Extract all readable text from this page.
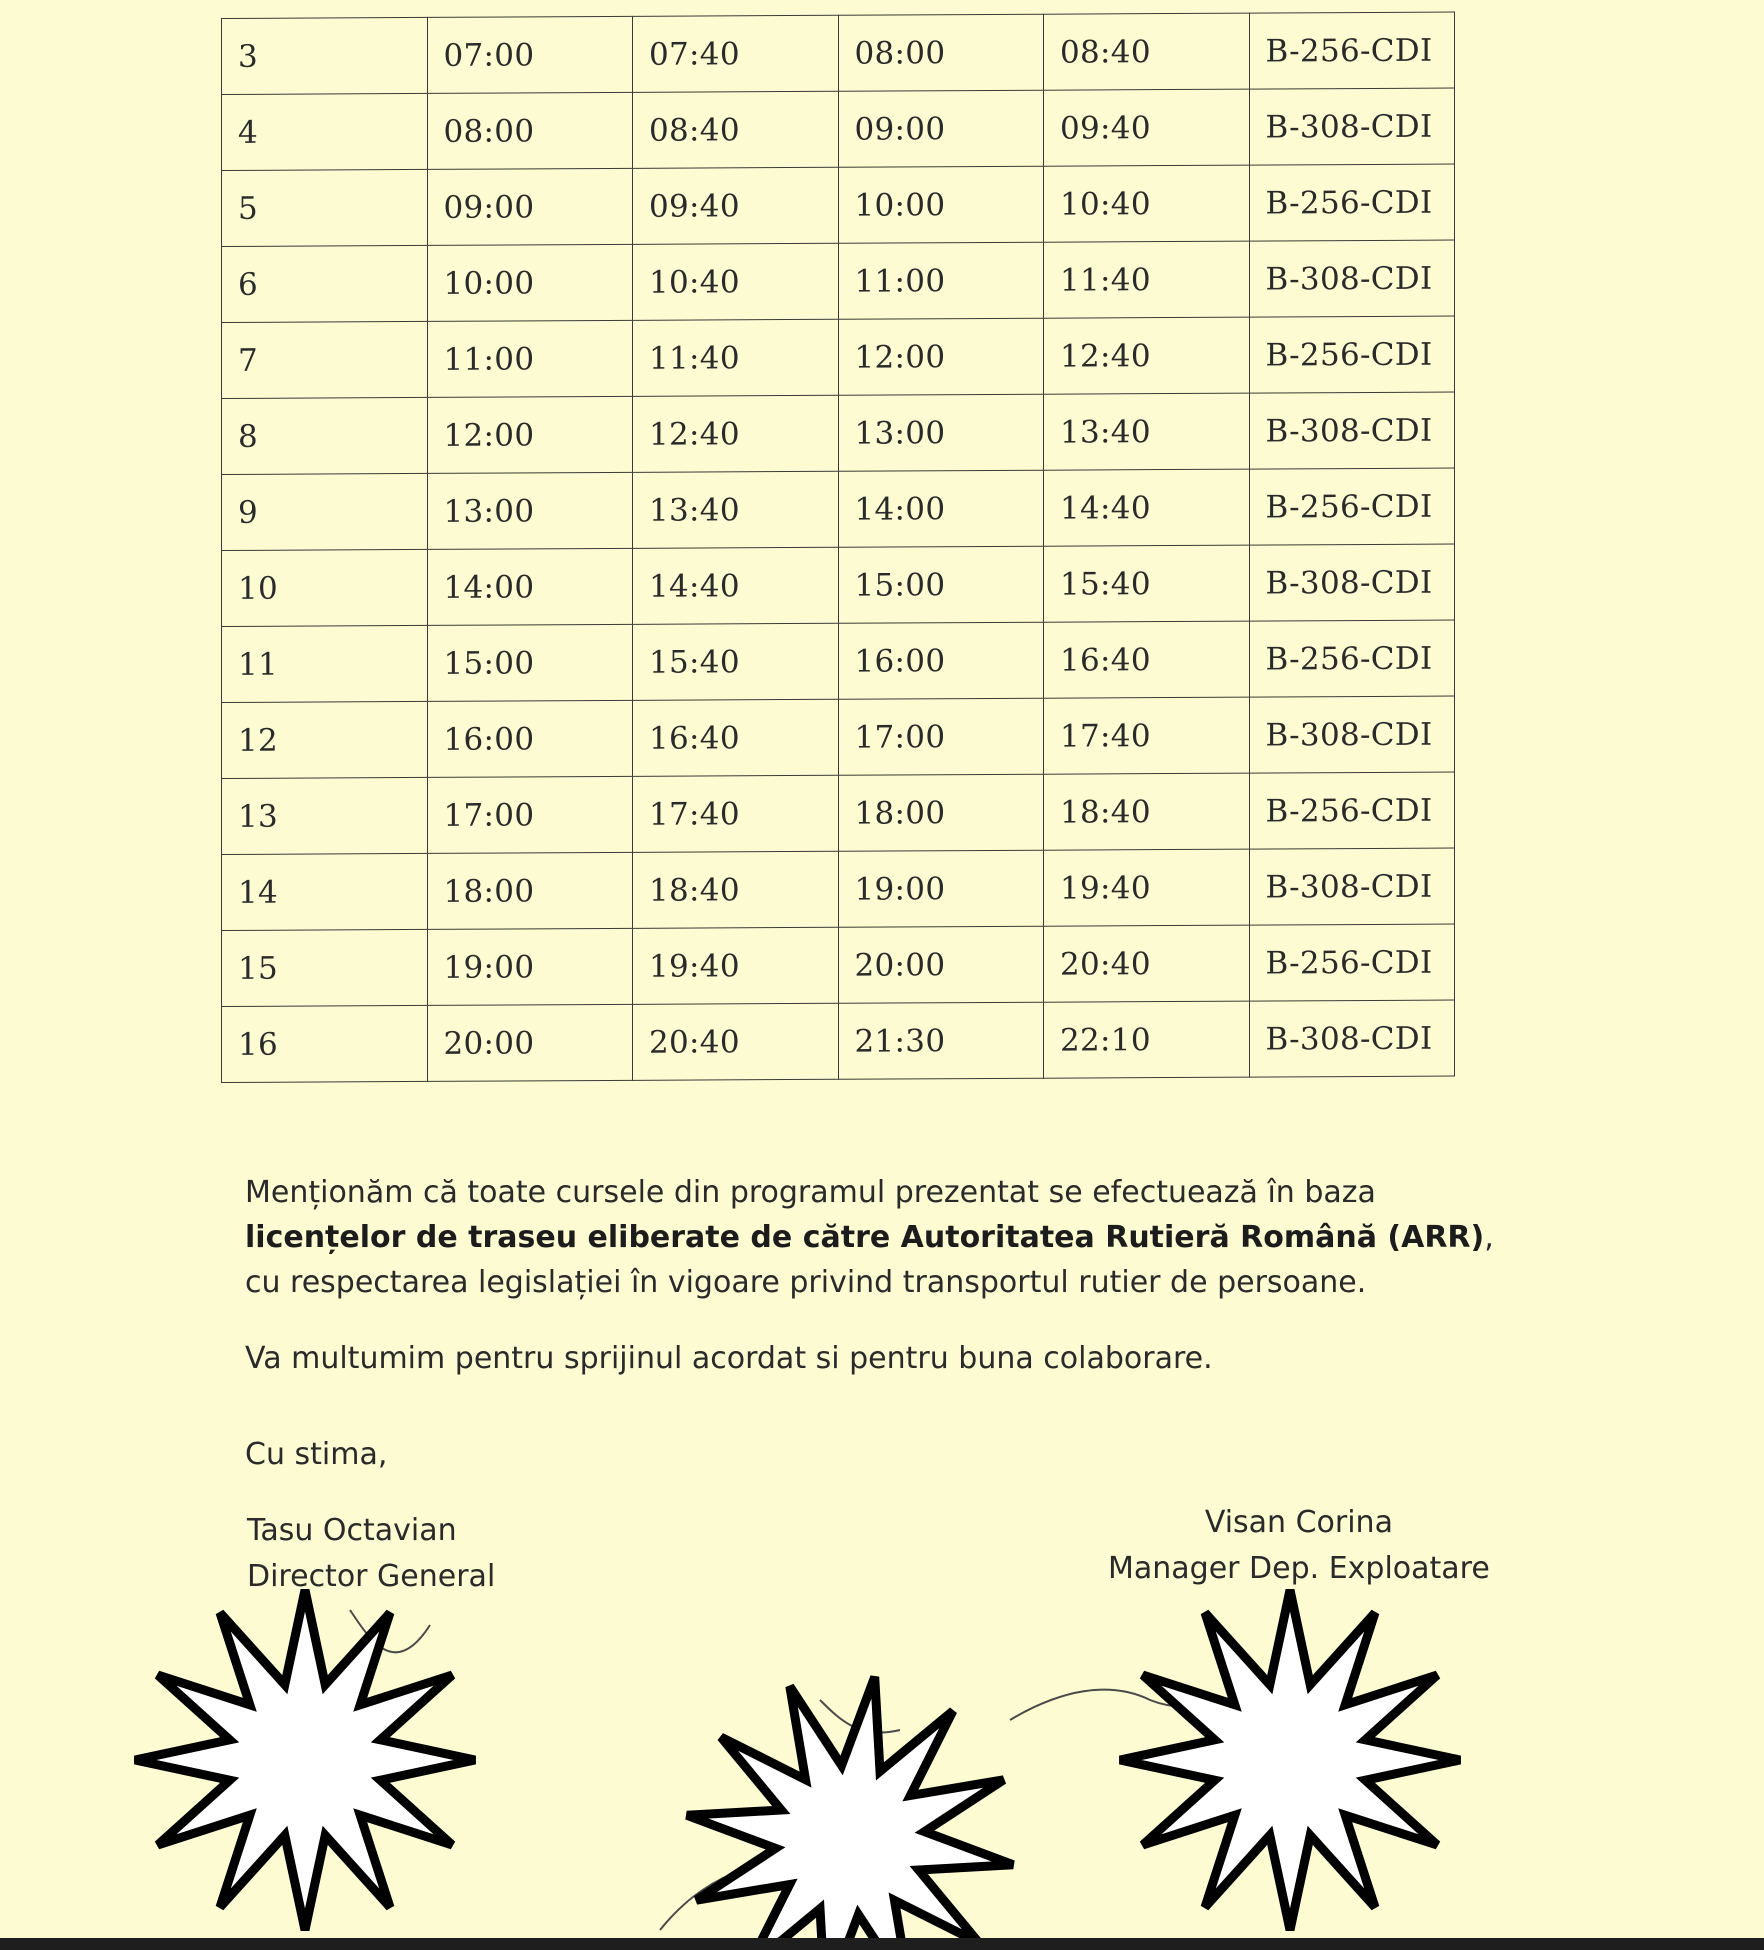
3	07:00	07:40	08:00	08:40	B-256-CDI
4	08:00	08:40	09:00	09:40	B-308-CDI
5	09:00	09:40	10:00	10:40	B-256-CDI
6	10:00	10:40	11:00	11:40	B-308-CDI
7	11:00	11:40	12:00	12:40	B-256-CDI
8	12:00	12:40	13:00	13:40	B-308-CDI
9	13:00	13:40	14:00	14:40	B-256-CDI
10	14:00	14:40	15:00	15:40	B-308-CDI
11	15:00	15:40	16:00	16:40	B-256-CDI
12	16:00	16:40	17:00	17:40	B-308-CDI
13	17:00	17:40	18:00	18:40	B-256-CDI
14	18:00	18:40	19:00	19:40	B-308-CDI
15	19:00	19:40	20:00	20:40	B-256-CDI
16	20:00	20:40	21:30	22:10	B-308-CDI

Menționăm că toate cursele din programul prezentat se efectuează în baza
licențelor de traseu eliberate de către Autoritatea Rutieră Română (ARR), cu respectarea legislației în vigoare privind transportul rutier de persoane.

Va multumim pentru sprijinul acordat si pentru buna colaborare.

Cu stima,

Tasu Octavian
Director General
Visan Corina
Manager Dep. Exploatare
